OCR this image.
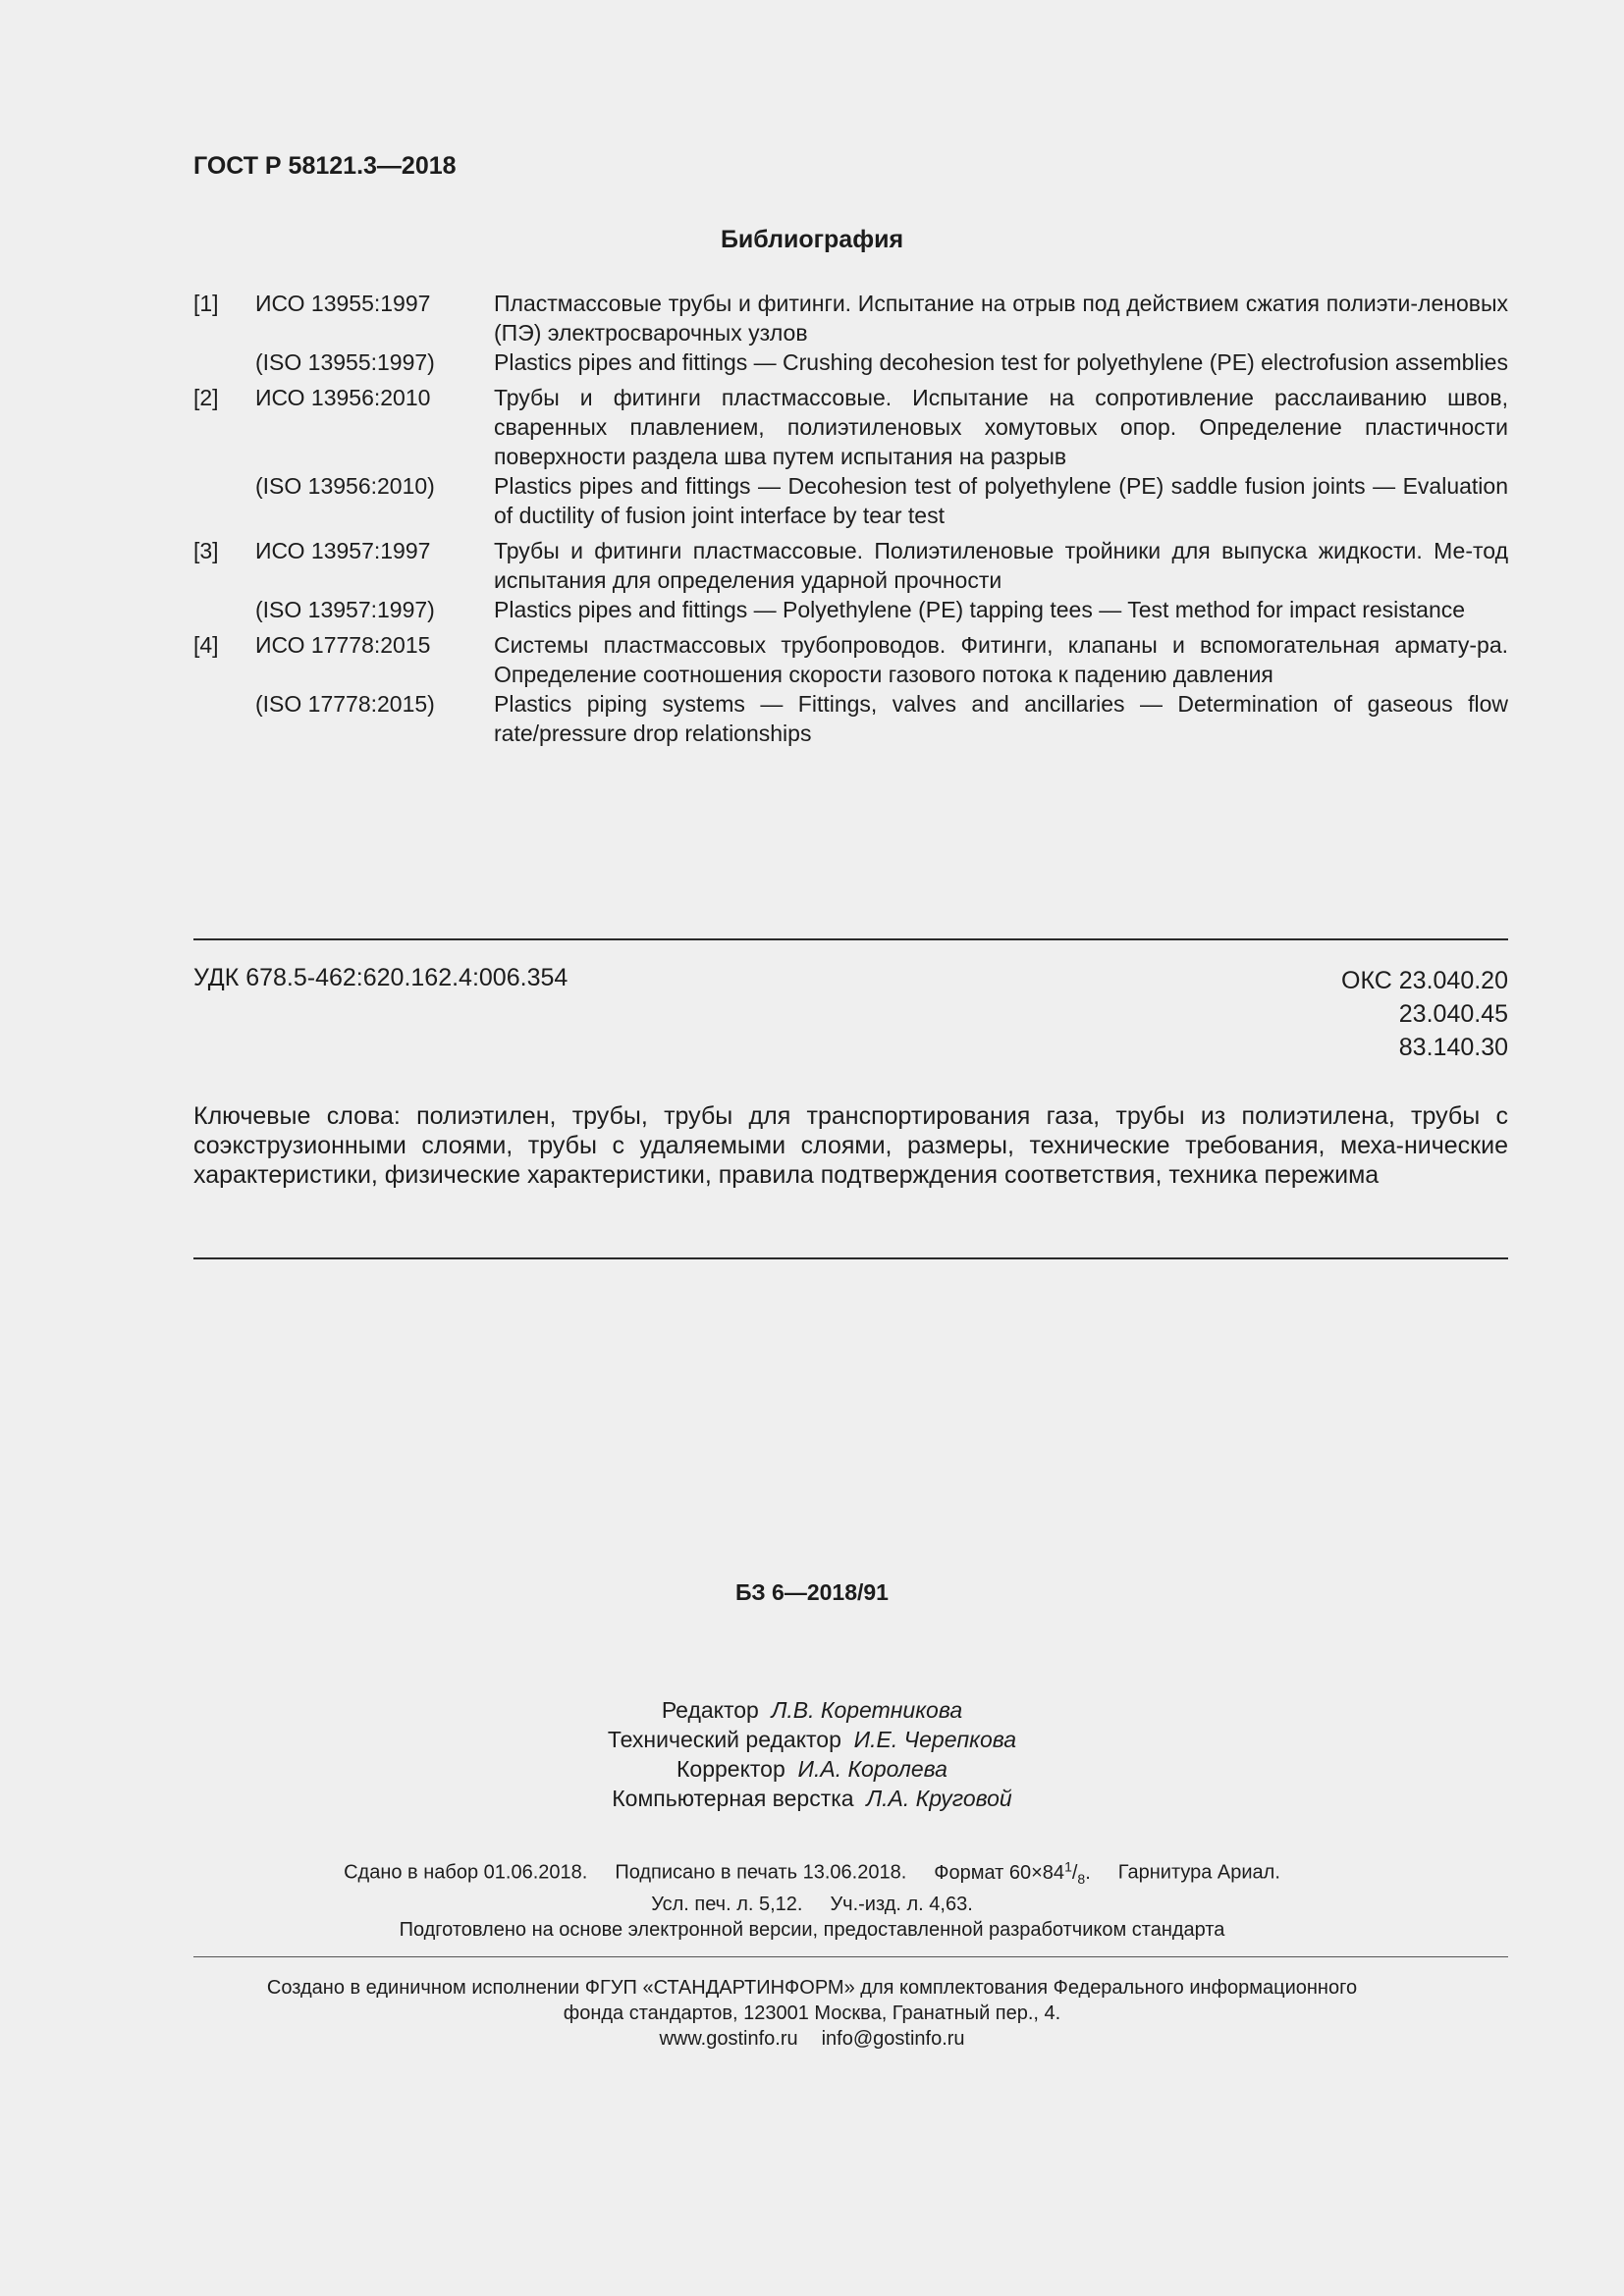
ГОСТ Р 58121.3—2018
Библиография
[1]	ИСО 13955:1997	Пластмассовые трубы и фитинги. Испытание на отрыв под действием сжатия полиэти-леновых (ПЭ) электросварочных узлов
(ISO 13955:1997)	Plastics pipes and fittings — Crushing decohesion test for polyethylene (PE) electrofusion assemblies
[2]	ИСО 13956:2010	Трубы и фитинги пластмассовые. Испытание на сопротивление расслаиванию швов, сваренных плавлением, полиэтиленовых хомутовых опор. Определение пластичности поверхности раздела шва путем испытания на разрыв
(ISO 13956:2010)	Plastics pipes and fittings — Decohesion test of polyethylene (PE) saddle fusion joints — Evaluation of ductility of fusion joint interface by tear test
[3]	ИСО 13957:1997	Трубы и фитинги пластмассовые. Полиэтиленовые тройники для выпуска жидкости. Ме-тод испытания для определения ударной прочности
(ISO 13957:1997)	Plastics pipes and fittings — Polyethylene (PE) tapping tees — Test method for impact resistance
[4]	ИСО 17778:2015	Системы пластмассовых трубопроводов. Фитинги, клапаны и вспомогательная армату-ра. Определение соотношения скорости газового потока к падению давления
(ISO 17778:2015)	Plastics piping systems — Fittings, valves and ancillaries — Determination of gaseous flow rate/pressure drop relationships
УДК 678.5-462:620.162.4:006.354	ОКС 23.040.20
23.040.45
83.140.30
Ключевые слова: полиэтилен, трубы, трубы для транспортирования газа, трубы из полиэтилена, трубы с соэкструзионными слоями, трубы с удаляемыми слоями, размеры, технические требования, меха-нические характеристики, физические характеристики, правила подтверждения соответствия, техника пережима
БЗ 6—2018/91
Редактор Л.В. Коретникова
Технический редактор И.Е. Черепкова
Корректор И.А. Королева
Компьютерная верстка Л.А. Круговой
Сдано в набор 01.06.2018. Подписано в печать 13.06.2018. Формат $60\times 84^1/_8$. Гарнитура Ариал.
Усл. печ. л. 5,12. Уч.-изд. л. 4,63.
Подготовлено на основе электронной версии, предоставленной разработчиком стандарта
Создано в единичном исполнении ФГУП «СТАНДАРТИНФОРМ» для комплектования Федерального информационного
фонда стандартов, 123001 Москва, Гранатный пер., 4.
www.gostinfo.ru info@gostinfo.ru
